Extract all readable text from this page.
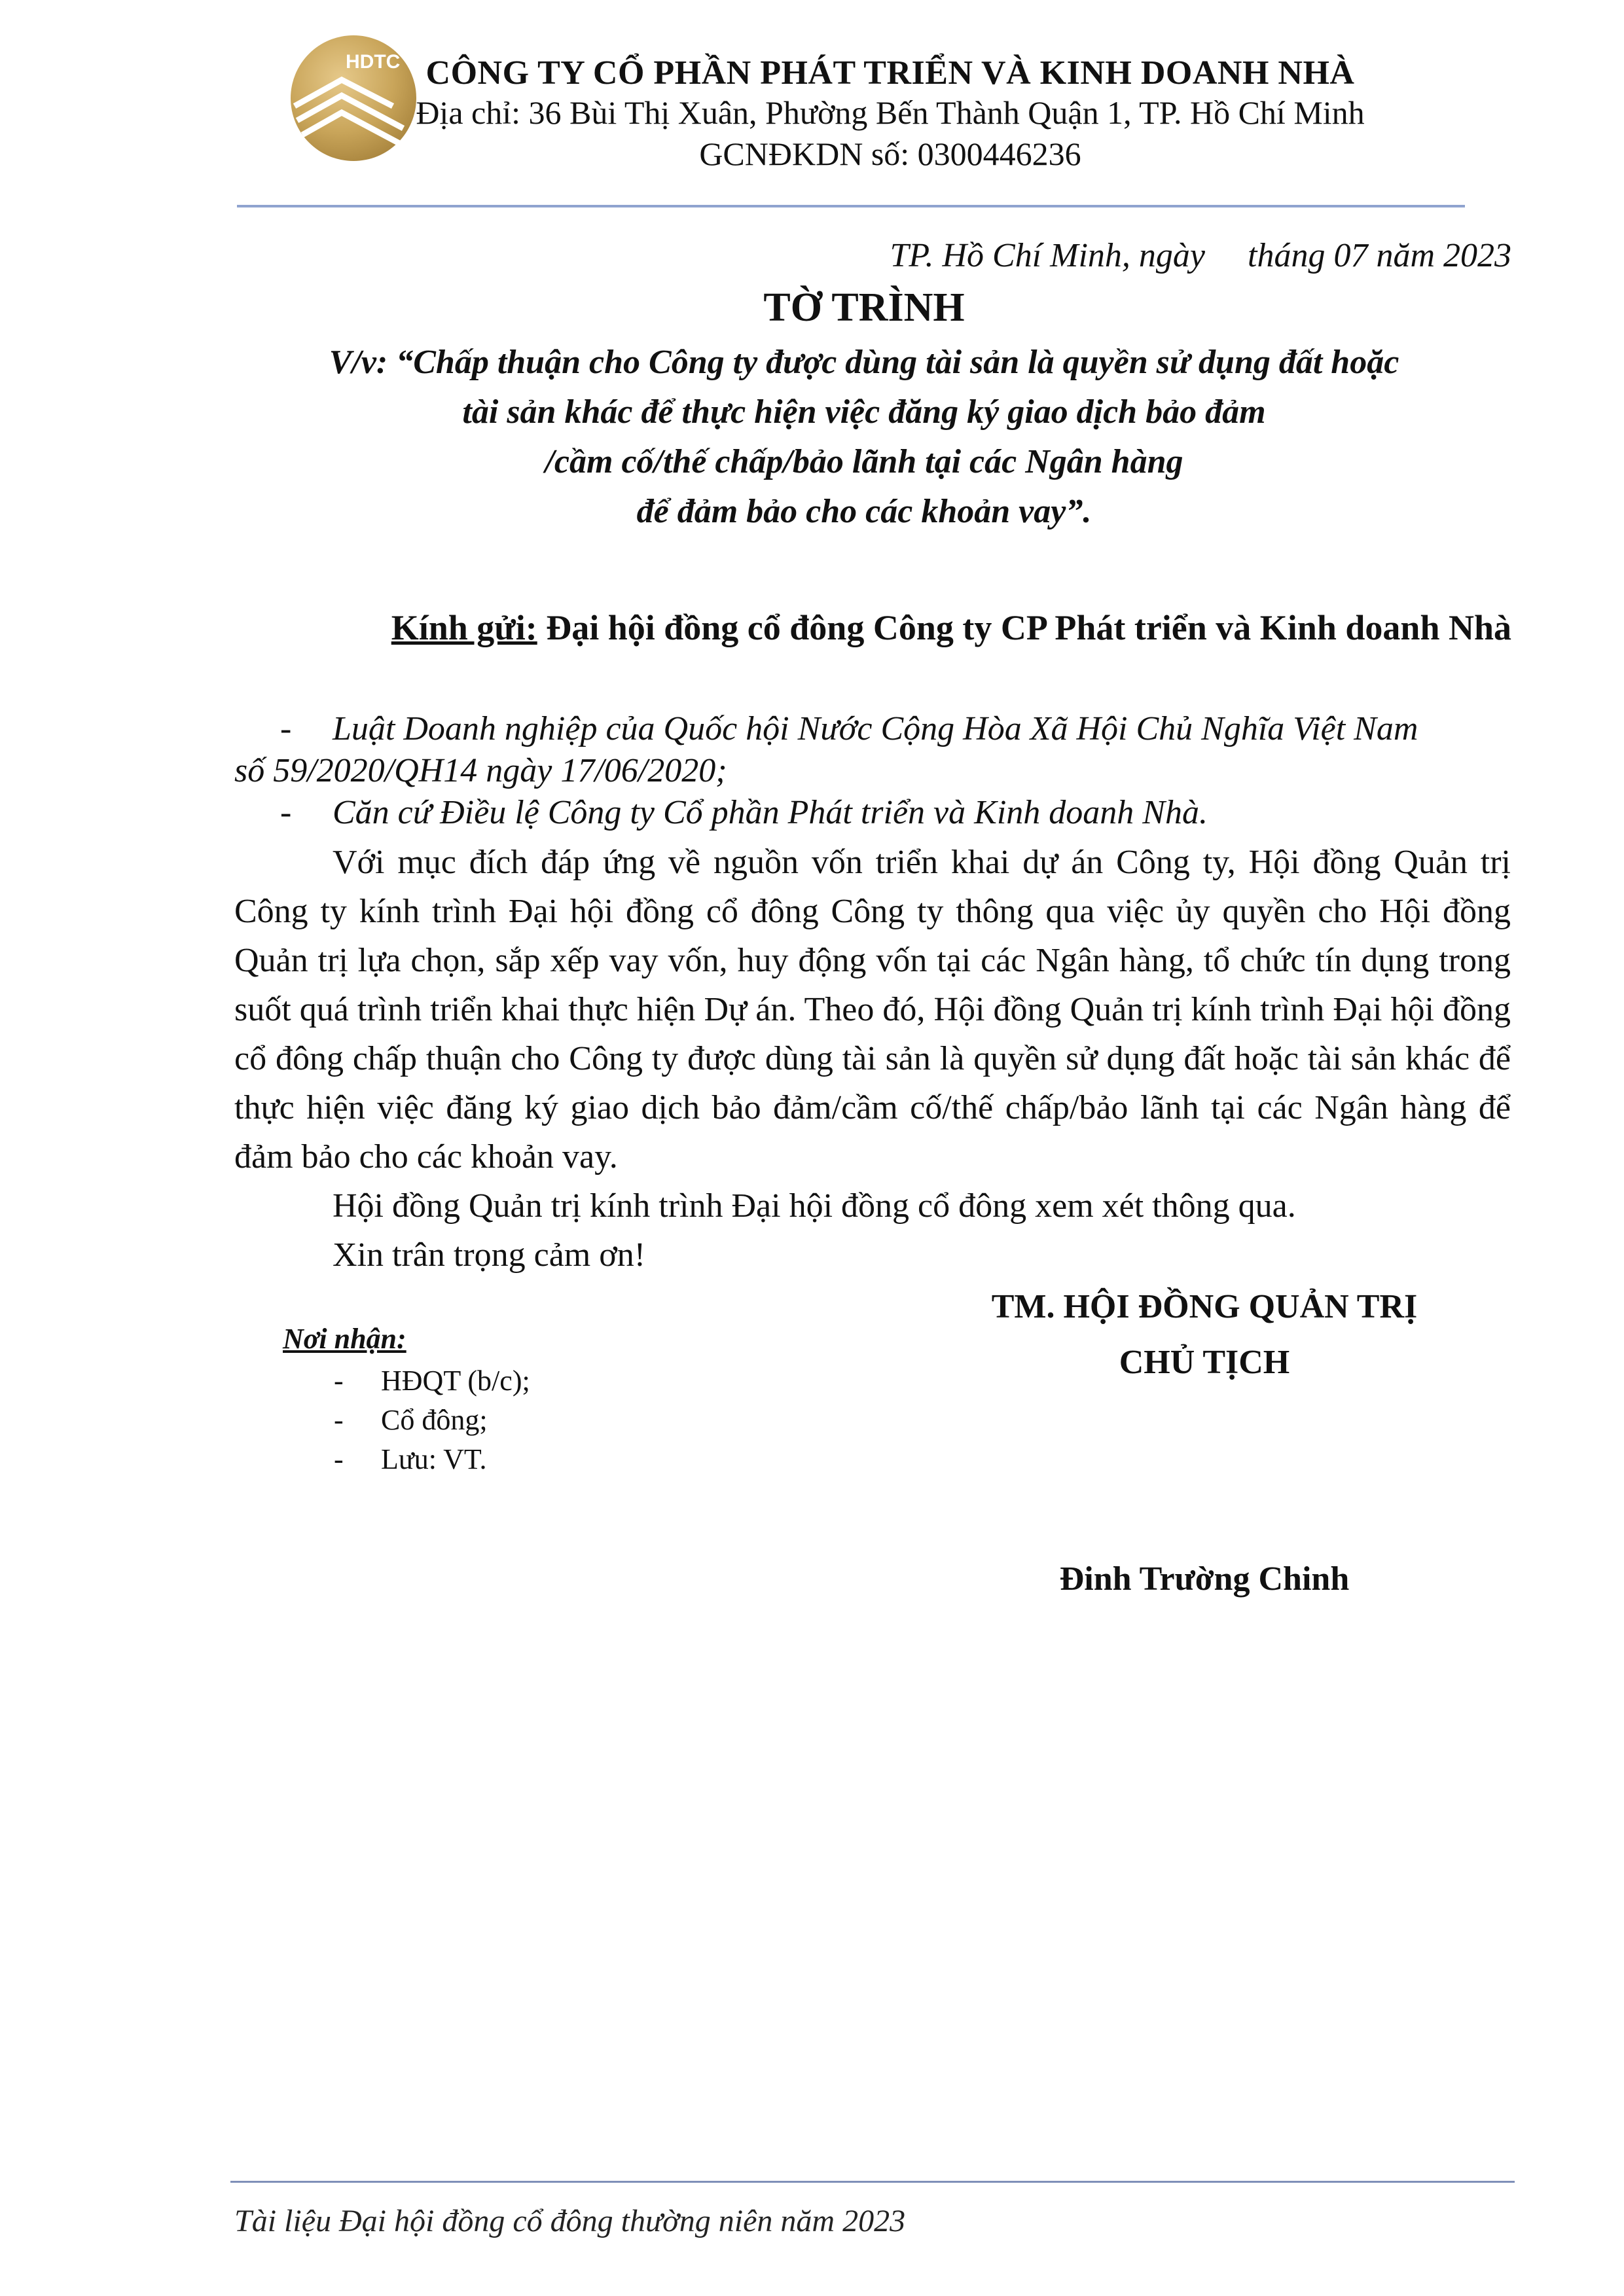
HDTC CÔNG TY CỔ PHẦN PHÁT TRIỂN VÀ KINH DOANH NHÀ
Địa chỉ: 36 Bùi Thị Xuân, Phường Bến Thành Quận 1, TP. Hồ Chí Minh
GCNĐKDN số: 0300446236
TP. Hồ Chí Minh, ngày     tháng 07 năm 2023
TỜ TRÌNH
V/v: “Chấp thuận cho Công ty được dùng tài sản là quyền sử dụng đất hoặc
tài sản khác để thực hiện việc đăng ký giao dịch bảo đảm
/cầm cố/thế chấp/bảo lãnh tại các Ngân hàng
để đảm bảo cho các khoản vay”.
Kính gửi: Đại hội đồng cổ đông Công ty CP Phát triển và Kinh doanh Nhà
- Luật Doanh nghiệp của Quốc hội Nước Cộng Hòa Xã Hội Chủ Nghĩa Việt Nam
số 59/2020/QH14 ngày 17/06/2020;
- Căn cứ Điều lệ Công ty Cổ phần Phát triển và Kinh doanh Nhà.

Với mục đích đáp ứng về nguồn vốn triển khai dự án Công ty, Hội đồng Quản trị Công ty kính trình Đại hội đồng cổ đông Công ty thông qua việc ủy quyền cho Hội đồng Quản trị lựa chọn, sắp xếp vay vốn, huy động vốn tại các Ngân hàng, tổ chức tín dụng trong suốt quá trình triển khai thực hiện Dự án. Theo đó, Hội đồng Quản trị kính trình Đại hội đồng cổ đông chấp thuận cho Công ty được dùng tài sản là quyền sử dụng đất hoặc tài sản khác để thực hiện việc đăng ký giao dịch bảo đảm/cầm cố/thế chấp/bảo lãnh tại các Ngân hàng để đảm bảo cho các khoản vay.

Hội đồng Quản trị kính trình Đại hội đồng cổ đông xem xét thông qua.

Xin trân trọng cảm ơn!

TM. HỘI ĐỒNG QUẢN TRỊ
CHỦ TỊCH
Đinh Trường Chinh
Nơi nhận:
- HĐQT (b/c);
- Cổ đông;
- Lưu: VT.
Tài liệu Đại hội đồng cổ đông thường niên năm 2023
